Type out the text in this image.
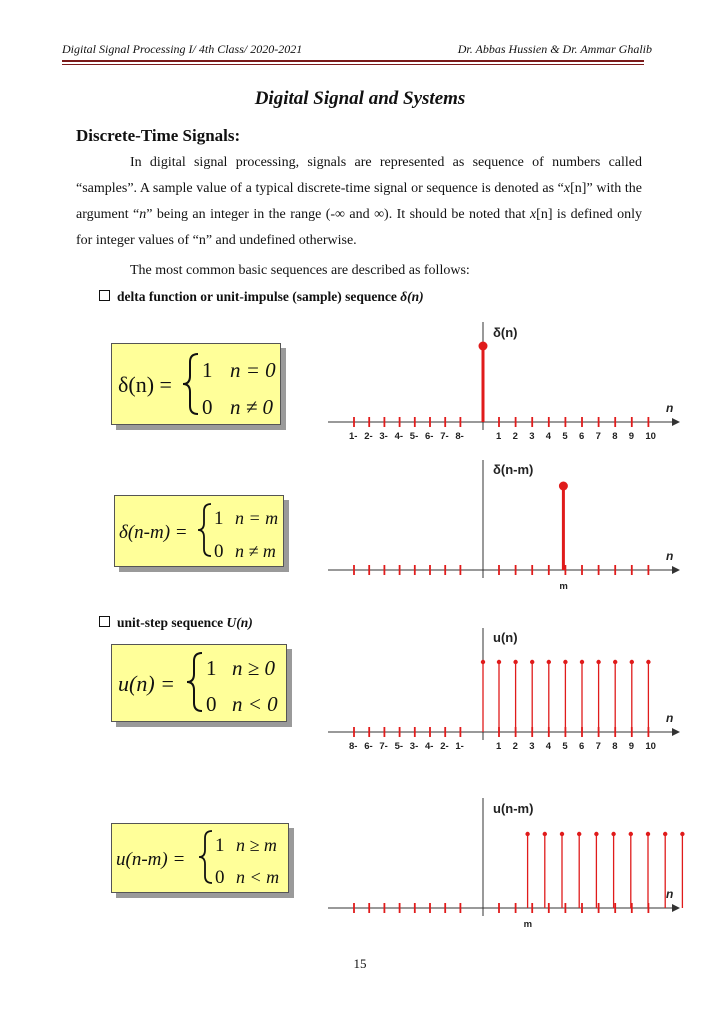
Digital Signal Processing I/ 4th Class/ 2020-2021	Dr. Abbas Hussien & Dr. Ammar Ghalib
Digital Signal and Systems
Discrete-Time Signals:
In digital signal processing, signals are represented as sequence of numbers called “samples”. A sample value of a typical discrete-time signal or sequence is denoted as “x[n]” with the argument “n” being an integer in the range (-∞ and ∞). It should be noted that x[n] is defined only for integer values of “n” and undefined otherwise.
The most common basic sequences are described as follows:
delta function or unit-impulse (sample) sequence δ(n)
unit-step sequence U(n)
δ(n) =
1 n = 0
0 n ≠ 0
δ(n-m) =
1 n = m
0 n ≠ m
u(n) =
1 n ≥ 0
0 n < 0
u(n-m) =
1 n ≥ m
0 n < m
n
δ(n)
1- 2- 3- 4- 5- 6- 7- 8-	1 2 3 4 5 6 7 8 9 10
n
δ(n-m)
m
n
u(n)
8- 6- 7- 5- 3- 4- 2- 1-	1 2 3 4 5 6 7 8 9 10
n
u(n-m)
m
15
